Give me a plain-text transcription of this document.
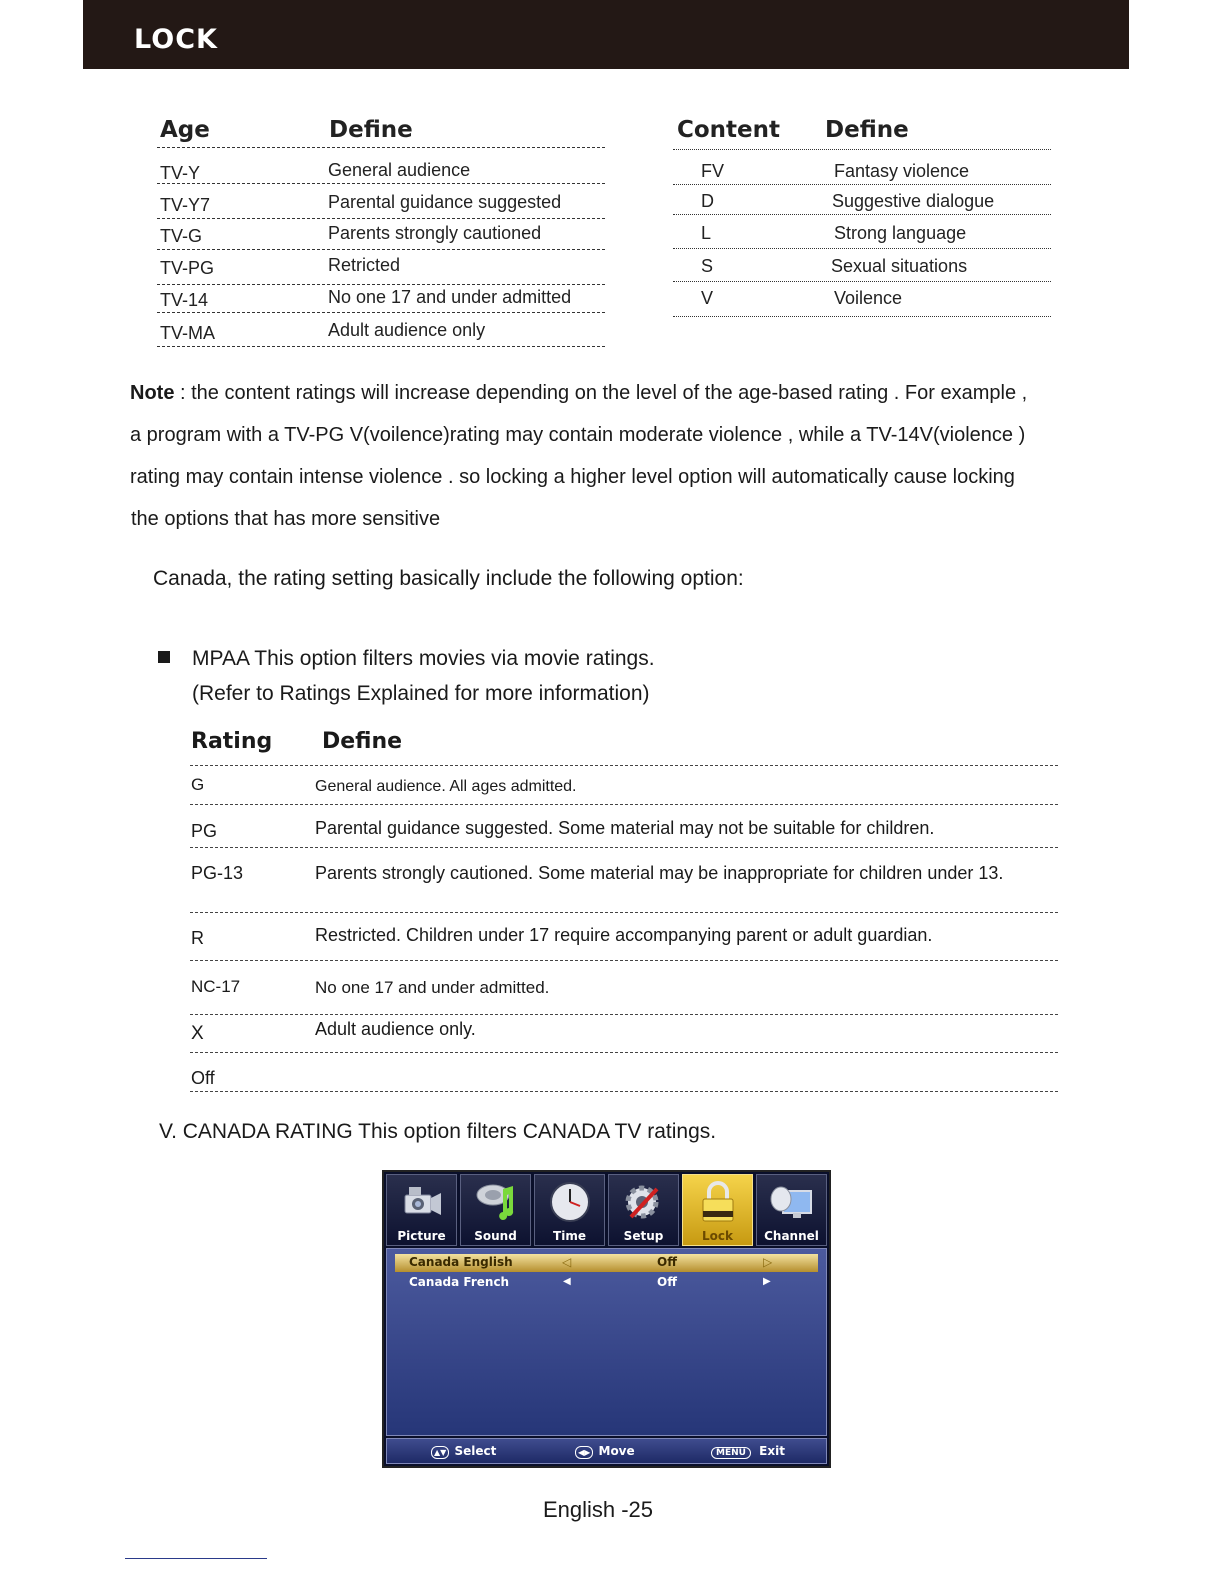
LOCK
Age	Define
TV-Y	General audience
TV-Y7	Parental guidance suggested
TV-G	Parents strongly cautioned
TV-PG	Retricted
TV-14	No one 17 and under admitted
TV-MA	Adult audience only
Content Define
FV	Fantasy violence
D	Suggestive dialogue
L	Strong language
S	Sexual situations
V	Voilence

Note : the content ratings will increase depending on the level of the age-based rating . For example ,

a program with a TV-PG V(voilence)rating may contain moderate violence , while a TV-14V(violence )

rating may contain intense violence . so locking a higher level option will automatically cause locking

the options that has more sensitive

Canada, the rating setting basically include the following option:
MPAA This option filters movies via movie ratings.
(Refer to Ratings Explained for more information)
Rating Define
G	General audience. All ages admitted.
PG	Parental guidance suggested. Some material may not be suitable for children.
PG-13	Parents strongly cautioned. Some material may be inappropriate for children under 13.
R	Restricted. Children under 17 require accompanying parent or adult guardian.
NC-17	No one 17 and under admitted.
X	Adult audience only.
Off
V. CANADA RATING This option filters CANADA TV ratings.
Picture	Sound	Time	Setup	Lock	Channel
Canada English	◁	Off	▷
Canada French	◀	Off	▶
▲▼ Select	◀▶ Move	MENU Exit
English -25
